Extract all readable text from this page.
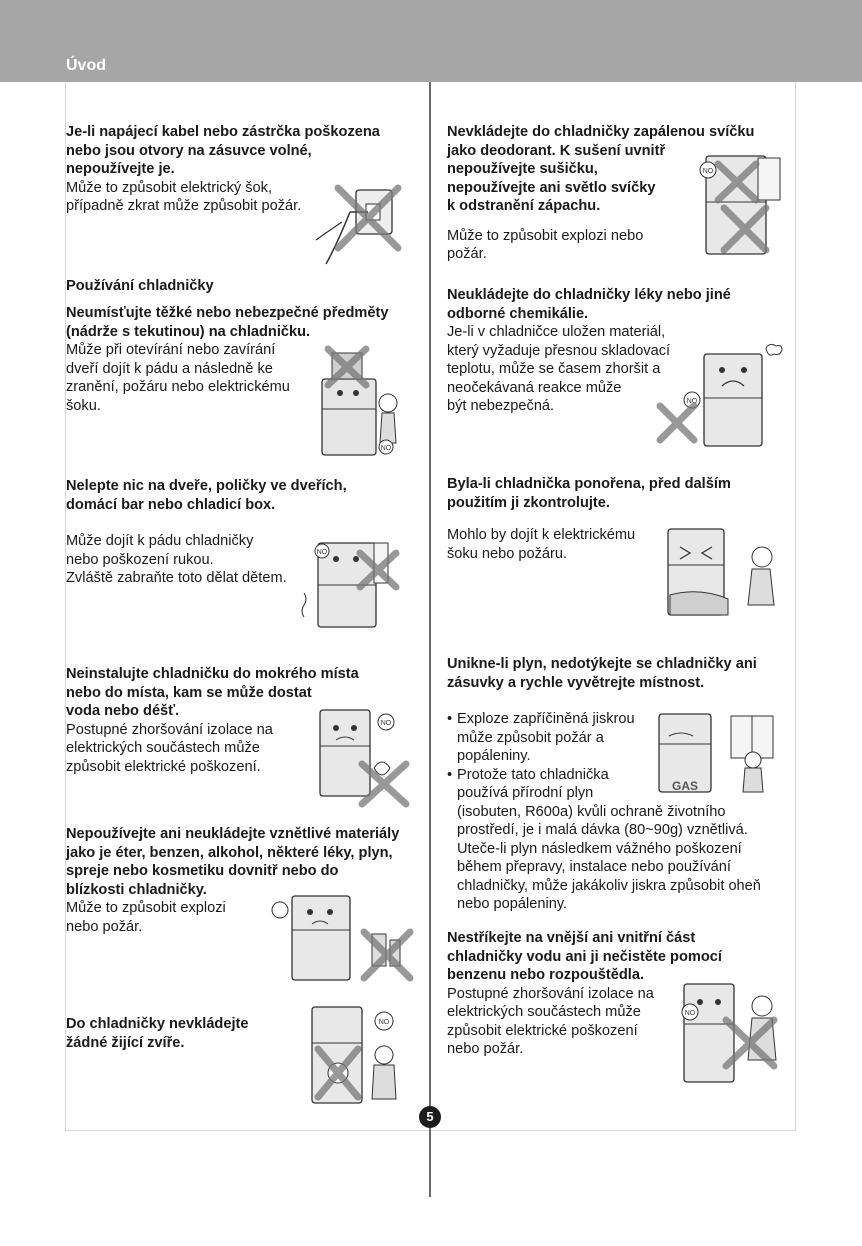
Úvod
Je-li napájecí kabel nebo zástrčka poškozena
nebo jsou otvory na zásuvce volné,
nepoužívejte je.
Může to způsobit elektrický šok,
případně zkrat může způsobit požár.
Používání chladničky
Neumísťujte těžké nebo nebezpečné předměty
(nádrže s tekutinou) na chladničku.
Může při otevírání nebo zavírání
dveří dojít k pádu a následně ke
zranění, požáru nebo elektrickému
šoku.
Nelepte nic na dveře, poličky ve dveřích,
domácí bar nebo chladicí box.
Může dojít k pádu chladničky
nebo poškození rukou.
Zvláště zabraňte toto dělat dětem.
Neinstalujte chladničku do mokrého místa
nebo do místa, kam se může dostat
voda nebo déšť.
Postupné zhoršování izolace na
elektrických součástech může
způsobit elektrické poškození.
Nepoužívejte ani neukládejte vznětlivé materiály
jako je éter, benzen, alkohol, některé léky, plyn,
spreje nebo kosmetiku dovnitř nebo do
blízkosti chladničky.
Může to způsobit explozi
nebo požár.
Do chladničky nevkládejte
žádné žijící zvíře.
Nevkládejte do chladničky zapálenou svíčku
jako deodorant. K sušení uvnitř
nepoužívejte sušičku,
nepoužívejte ani světlo svíčky
k odstranění zápachu.
Může to způsobit explozi nebo
požár.
Neukládejte do chladničky léky nebo jiné
odborné chemikálie.
Je-li v chladničce uložen materiál,
který vyžaduje přesnou skladovací
teplotu, může se časem zhoršit a
neočekávaná reakce může
být nebezpečná.
Byla-li chladnička ponořena, před dalším
použitím ji zkontrolujte.
Mohlo by dojít k elektrickému
šoku nebo požáru.
Unikne-li plyn, nedotýkejte se chladničky ani
zásuvky a rychle vyvětrejte místnost.
• Exploze zapříčiněná jiskrou
může způsobit požár a
popáleniny.
• Protože tato chladnička
používá přírodní plyn
(isobuten, R600a) kvůli ochraně životního
prostředí, je i malá dávka (80~90g) vznětlivá.
Uteče-li plyn následkem vážného poškození
během přepravy, instalace nebo používání
chladničky, může jakákoliv jiskra způsobit oheň
nebo popáleniny.
Nestříkejte na vnější ani vnitřní část
chladničky vodu ani ji nečistěte pomocí
benzenu nebo rozpouštědla.
Postupné zhoršování izolace na
elektrických součástech může
způsobit elektrické poškození
nebo požár.
NO
NO
NO
NO
NO
NO
GAS
NO
5
